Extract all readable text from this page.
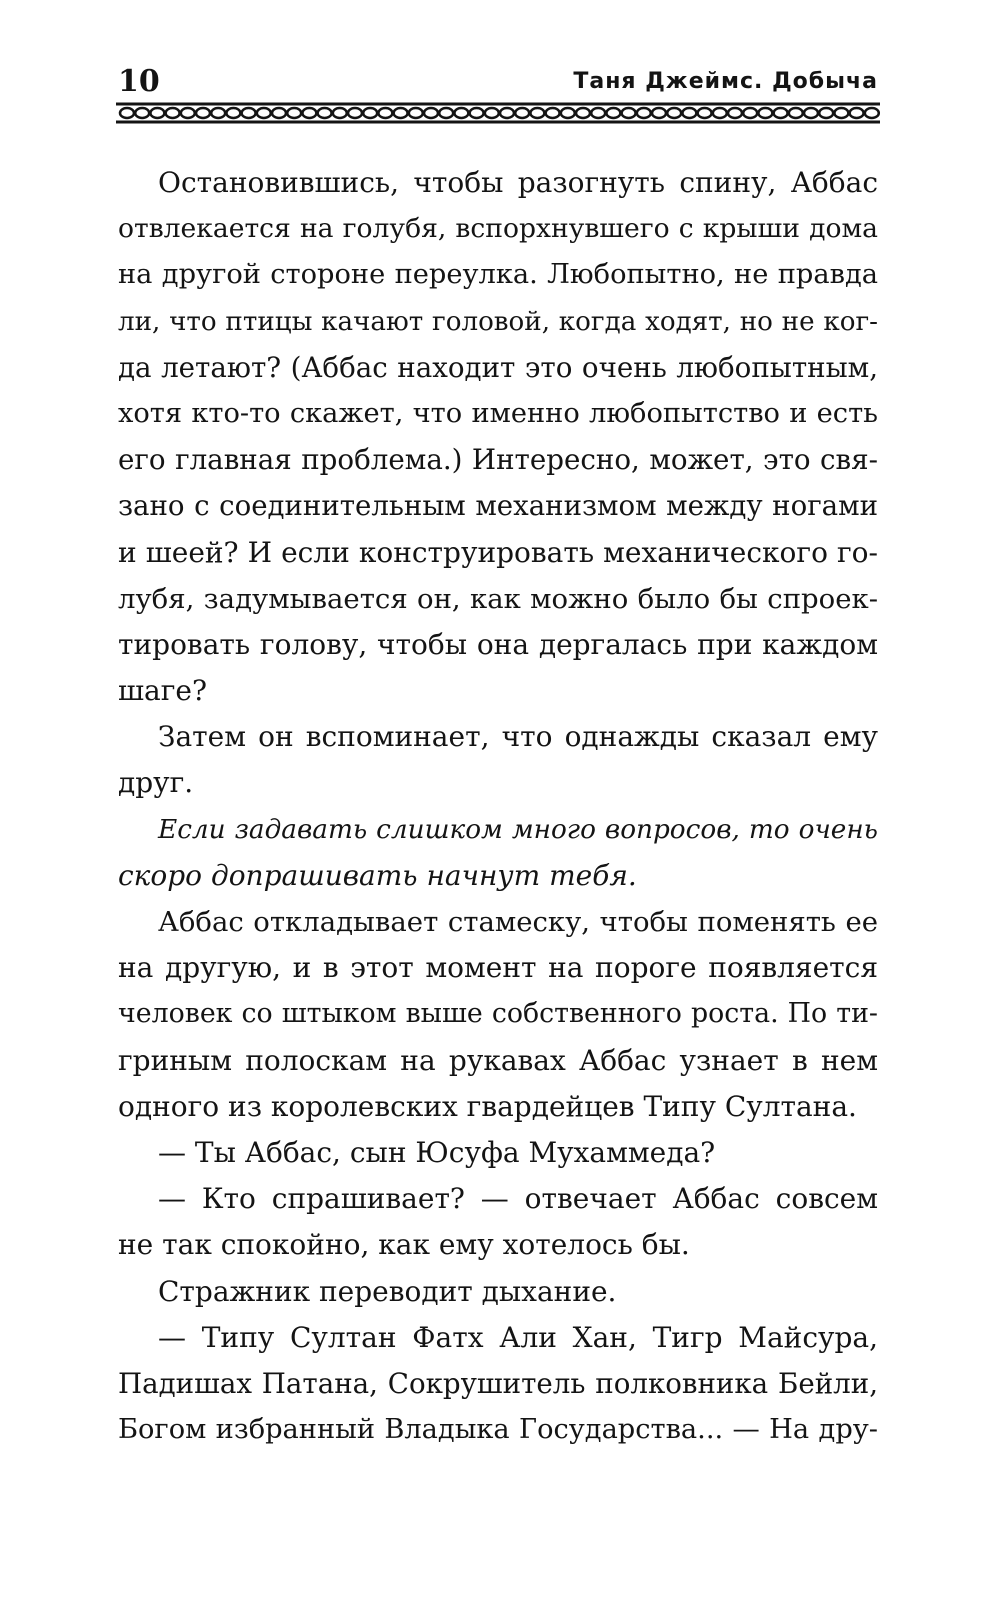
10	Таня Джеймс. Добыча
Остановившись, чтобы разогнуть спину, Аббас
отвлекается на голубя, вспорхнувшего с крыши дома
на другой стороне переулка. Любопытно, не правда
ли, что птицы качают головой, когда ходят, но не ког-
да летают? (Аббас находит это очень любопытным,
хотя кто-то скажет, что именно любопытство и есть
его главная проблема.) Интересно, может, это свя-
зано с соединительным механизмом между ногами
и шеей? И если конструировать механического го-
лубя, задумывается он, как можно было бы спроек-
тировать голову, чтобы она дергалась при каждом
шаге?
Затем он вспоминает, что однажды сказал ему
друг.
Если задавать слишком много вопросов, то очень
скоро допрашивать начнут тебя.
Аббас откладывает стамеску, чтобы поменять ее
на другую, и в этот момент на пороге появляется
человек со штыком выше собственного роста. По ти-
гриным полоскам на рукавах Аббас узнает в нем
одного из королевских гвардейцев Типу Султана.
— Ты Аббас, сын Юсуфа Мухаммеда?
— Кто спрашивает? — отвечает Аббас совсем
не так спокойно, как ему хотелось бы.
Стражник переводит дыхание.
— Типу Султан Фатх Али Хан, Тигр Майсура,
Падишах Патана, Сокрушитель полковника Бейли,
Богом избранный Владыка Государства... — На дру-
